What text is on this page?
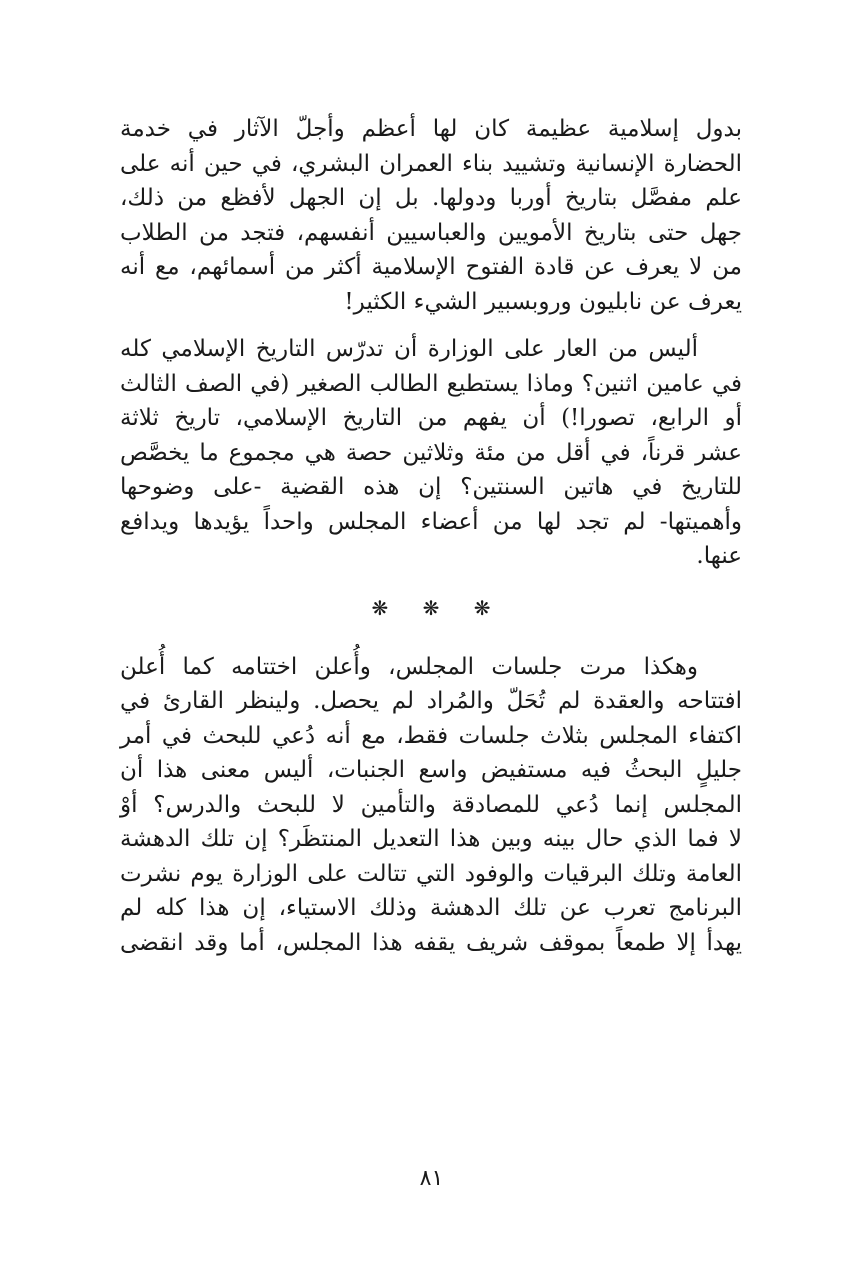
بدول إسلامية عظيمة كان لها أعظم وأجلّ الآثار في خدمة
الحضارة الإنسانية وتشييد بناء العمران البشري، في حين أنه على
علم مفصَّل بتاريخ أوربا ودولها. بل إن الجهل لأفظع من ذلك،
جهل حتى بتاريخ الأمويين والعباسيين أنفسهم، فتجد من الطلاب
من لا يعرف عن قادة الفتوح الإسلامية أكثر من أسمائهم، مع أنه
يعرف عن نابليون وروبسبير الشيء الكثير!
أليس من العار على الوزارة أن تدرّس التاريخ الإسلامي كله
في عامين اثنين؟ وماذا يستطيع الطالب الصغير (في الصف الثالث
أو الرابع، تصورا!) أن يفهم من التاريخ الإسلامي، تاريخ ثلاثة
عشر قرناً، في أقل من مئة وثلاثين حصة هي مجموع ما يخصَّص
للتاريخ في هاتين السنتين؟ إن هذه القضية -على وضوحها
وأهميتها- لم تجد لها من أعضاء المجلس واحداً يؤيدها ويدافع
عنها.
❋ ❋ ❋
وهكذا مرت جلسات المجلس، وأُعلن اختتامه كما أُعلن
افتتاحه والعقدة لم تُحَلّ والمُراد لم يحصل. ولينظر القارئ في
اكتفاء المجلس بثلاث جلسات فقط، مع أنه دُعي للبحث في أمر
جليلٍ البحثُ فيه مستفيض واسع الجنبات، أليس معنى هذا أن
المجلس إنما دُعي للمصادقة والتأمين لا للبحث والدرس؟ أوْ
لا فما الذي حال بينه وبين هذا التعديل المنتظَر؟ إن تلك الدهشة
العامة وتلك البرقيات والوفود التي تتالت على الوزارة يوم نشرت
البرنامج تعرب عن تلك الدهشة وذلك الاستياء، إن هذا كله لم
يهدأ إلا طمعاً بموقف شريف يقفه هذا المجلس، أما وقد انقضى
٨١
